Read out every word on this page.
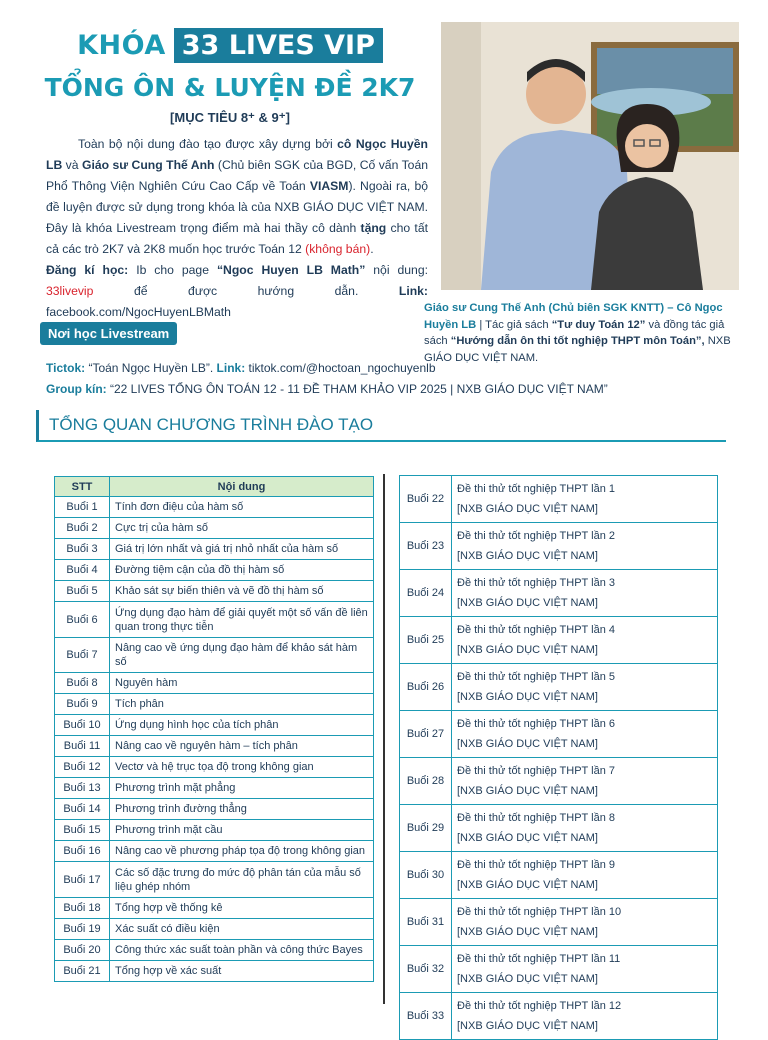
KHÓA 33 LIVES VIP
TỔNG ÔN & LUYỆN ĐỀ 2K7
[MỤC TIÊU 8⁺ & 9⁺]
Toàn bộ nội dung đào tạo được xây dựng bởi cô Ngọc Huyền LB và Giáo sư Cung Thế Anh (Chủ biên SGK của BGD, Cố vấn Toán Phổ Thông Viện Nghiên Cứu Cao Cấp về Toán VIASM). Ngoài ra, bộ đề luyện được sử dụng trong khóa là của NXB GIÁO DỤC VIỆT NAM. Đây là khóa Livestream trọng điểm mà hai thầy cô dành tặng cho tất cả các trò 2K7 và 2K8 muốn học trước Toán 12 (không bán).
Đăng kí học: Ib cho page “Ngoc Huyen LB Math” nội dung: 33livevip để được hướng dẫn. Link: facebook.com/NgocHuyenLBMath	Giáo sư Cung Thế Anh (Chủ biên SGK KNTT) – Cô Ngọc Huyền LB | Tác giả sách “Tư duy Toán 12” và đồng tác giả sách “Hướng dẫn ôn thi tốt nghiệp THPT môn Toán”, NXB GIÁO DỤC VIỆT NAM.
Nơi học Livestream
Tictok: “Toán Ngọc Huyền LB”. Link: tiktok.com/@hoctoan_ngochuyenlb
Group kín: “22 LIVES TỔNG ÔN TOÁN 12 - 11 ĐỀ THAM KHẢO VIP 2025 | NXB GIÁO DỤC VIỆT NAM”
TỔNG QUAN CHƯƠNG TRÌNH ĐÀO TẠO
STT	Nội dung
Buổi 1	Tính đơn điệu của hàm số
Buổi 2	Cực trị của hàm số
Buổi 3	Giá trị lớn nhất và giá trị nhỏ nhất của hàm số
Buổi 4	Đường tiệm cận của đồ thị hàm số
Buổi 5	Khảo sát sự biến thiên và vẽ đồ thị hàm số
Buổi 6	Ứng dụng đạo hàm để giải quyết một số vấn đề liên quan trong thực tiễn
Buổi 7	Nâng cao về ứng dụng đạo hàm để khảo sát hàm số
Buổi 8	Nguyên hàm
Buổi 9	Tích phân
Buổi 10	Ứng dụng hình học của tích phân
Buổi 11	Nâng cao về nguyên hàm – tích phân
Buổi 12	Vectơ và hệ trục tọa độ trong không gian
Buổi 13	Phương trình mặt phẳng
Buổi 14	Phương trình đường thẳng
Buổi 15	Phương trình mặt cầu
Buổi 16	Nâng cao về phương pháp tọa độ trong không gian
Buổi 17	Các số đặc trưng đo mức độ phân tán của mẫu số liệu ghép nhóm
Buổi 18	Tổng hợp về thống kê
Buổi 19	Xác suất có điều kiện
Buổi 20	Công thức xác suất toàn phần và công thức Bayes
Buổi 21	Tổng hợp về xác suất
Buổi 22	Đề thi thử tốt nghiệp THPT lần 1
[NXB GIÁO DỤC VIỆT NAM]

Buổi 23	Đề thi thử tốt nghiệp THPT lần 2
[NXB GIÁO DỤC VIỆT NAM]

Buổi 24	Đề thi thử tốt nghiệp THPT lần 3
[NXB GIÁO DỤC VIỆT NAM]

Buổi 25	Đề thi thử tốt nghiệp THPT lần 4
[NXB GIÁO DỤC VIỆT NAM]

Buổi 26	Đề thi thử tốt nghiệp THPT lần 5
[NXB GIÁO DỤC VIỆT NAM]

Buổi 27	Đề thi thử tốt nghiệp THPT lần 6
[NXB GIÁO DỤC VIỆT NAM]

Buổi 28	Đề thi thử tốt nghiệp THPT lần 7
[NXB GIÁO DỤC VIỆT NAM]

Buổi 29	Đề thi thử tốt nghiệp THPT lần 8
[NXB GIÁO DỤC VIỆT NAM]

Buổi 30	Đề thi thử tốt nghiệp THPT lần 9
[NXB GIÁO DỤC VIỆT NAM]

Buổi 31	Đề thi thử tốt nghiệp THPT lần 10
[NXB GIÁO DỤC VIỆT NAM]

Buổi 32	Đề thi thử tốt nghiệp THPT lần 11
[NXB GIÁO DỤC VIỆT NAM]

Buổi 33	Đề thi thử tốt nghiệp THPT lần 12
[NXB GIÁO DỤC VIỆT NAM]
